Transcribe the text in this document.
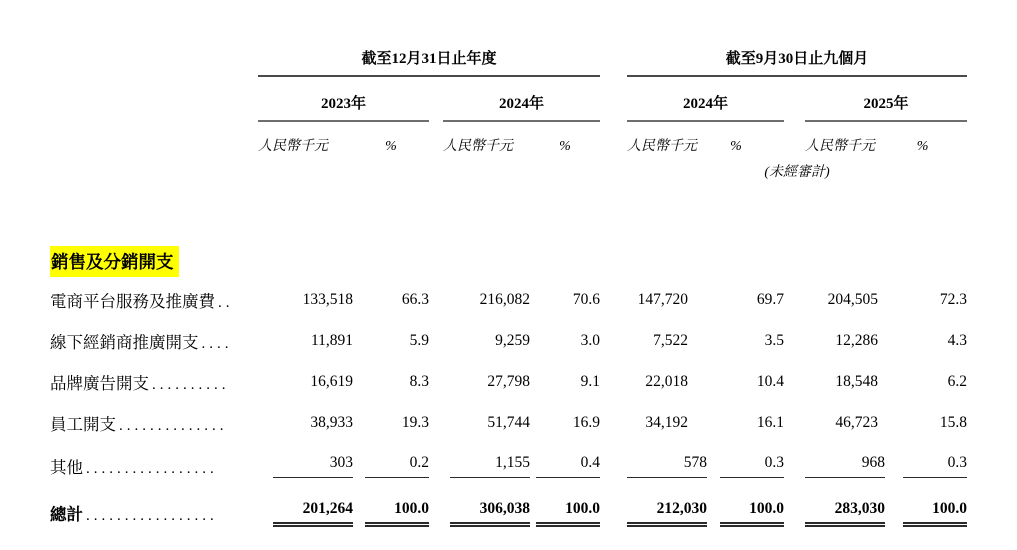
	截至12月31日止年度						截至9月30日止九個月				
	2023年			2024年			2024年			2025年	
	人民幣千元	%		人民幣千元	%		人民幣千元	%		人民幣千元	%
							(未經審計)				

銷售及分銷開支											
電商平台服務及推廣費 ..	133,518	66.3		216,082	70.6		147,720	69.7		204,505	72.3
線下經銷商推廣開支 ....	11,891	5.9		9,259	3.0		7,522	3.5		12,286	4.3
品牌廣告開支 ..........	16,619	8.3		27,798	9.1		22,018	10.4		18,548	6.2
員工開支 ..............	38,933	19.3		51,744	16.9		34,192	16.1		46,723	15.8
其他 .................	303	0.2		1,155	0.4		578	0.3		968	0.3
總計 .................	201,264	100.0		306,038	100.0		212,030	100.0		283,030	100.0
